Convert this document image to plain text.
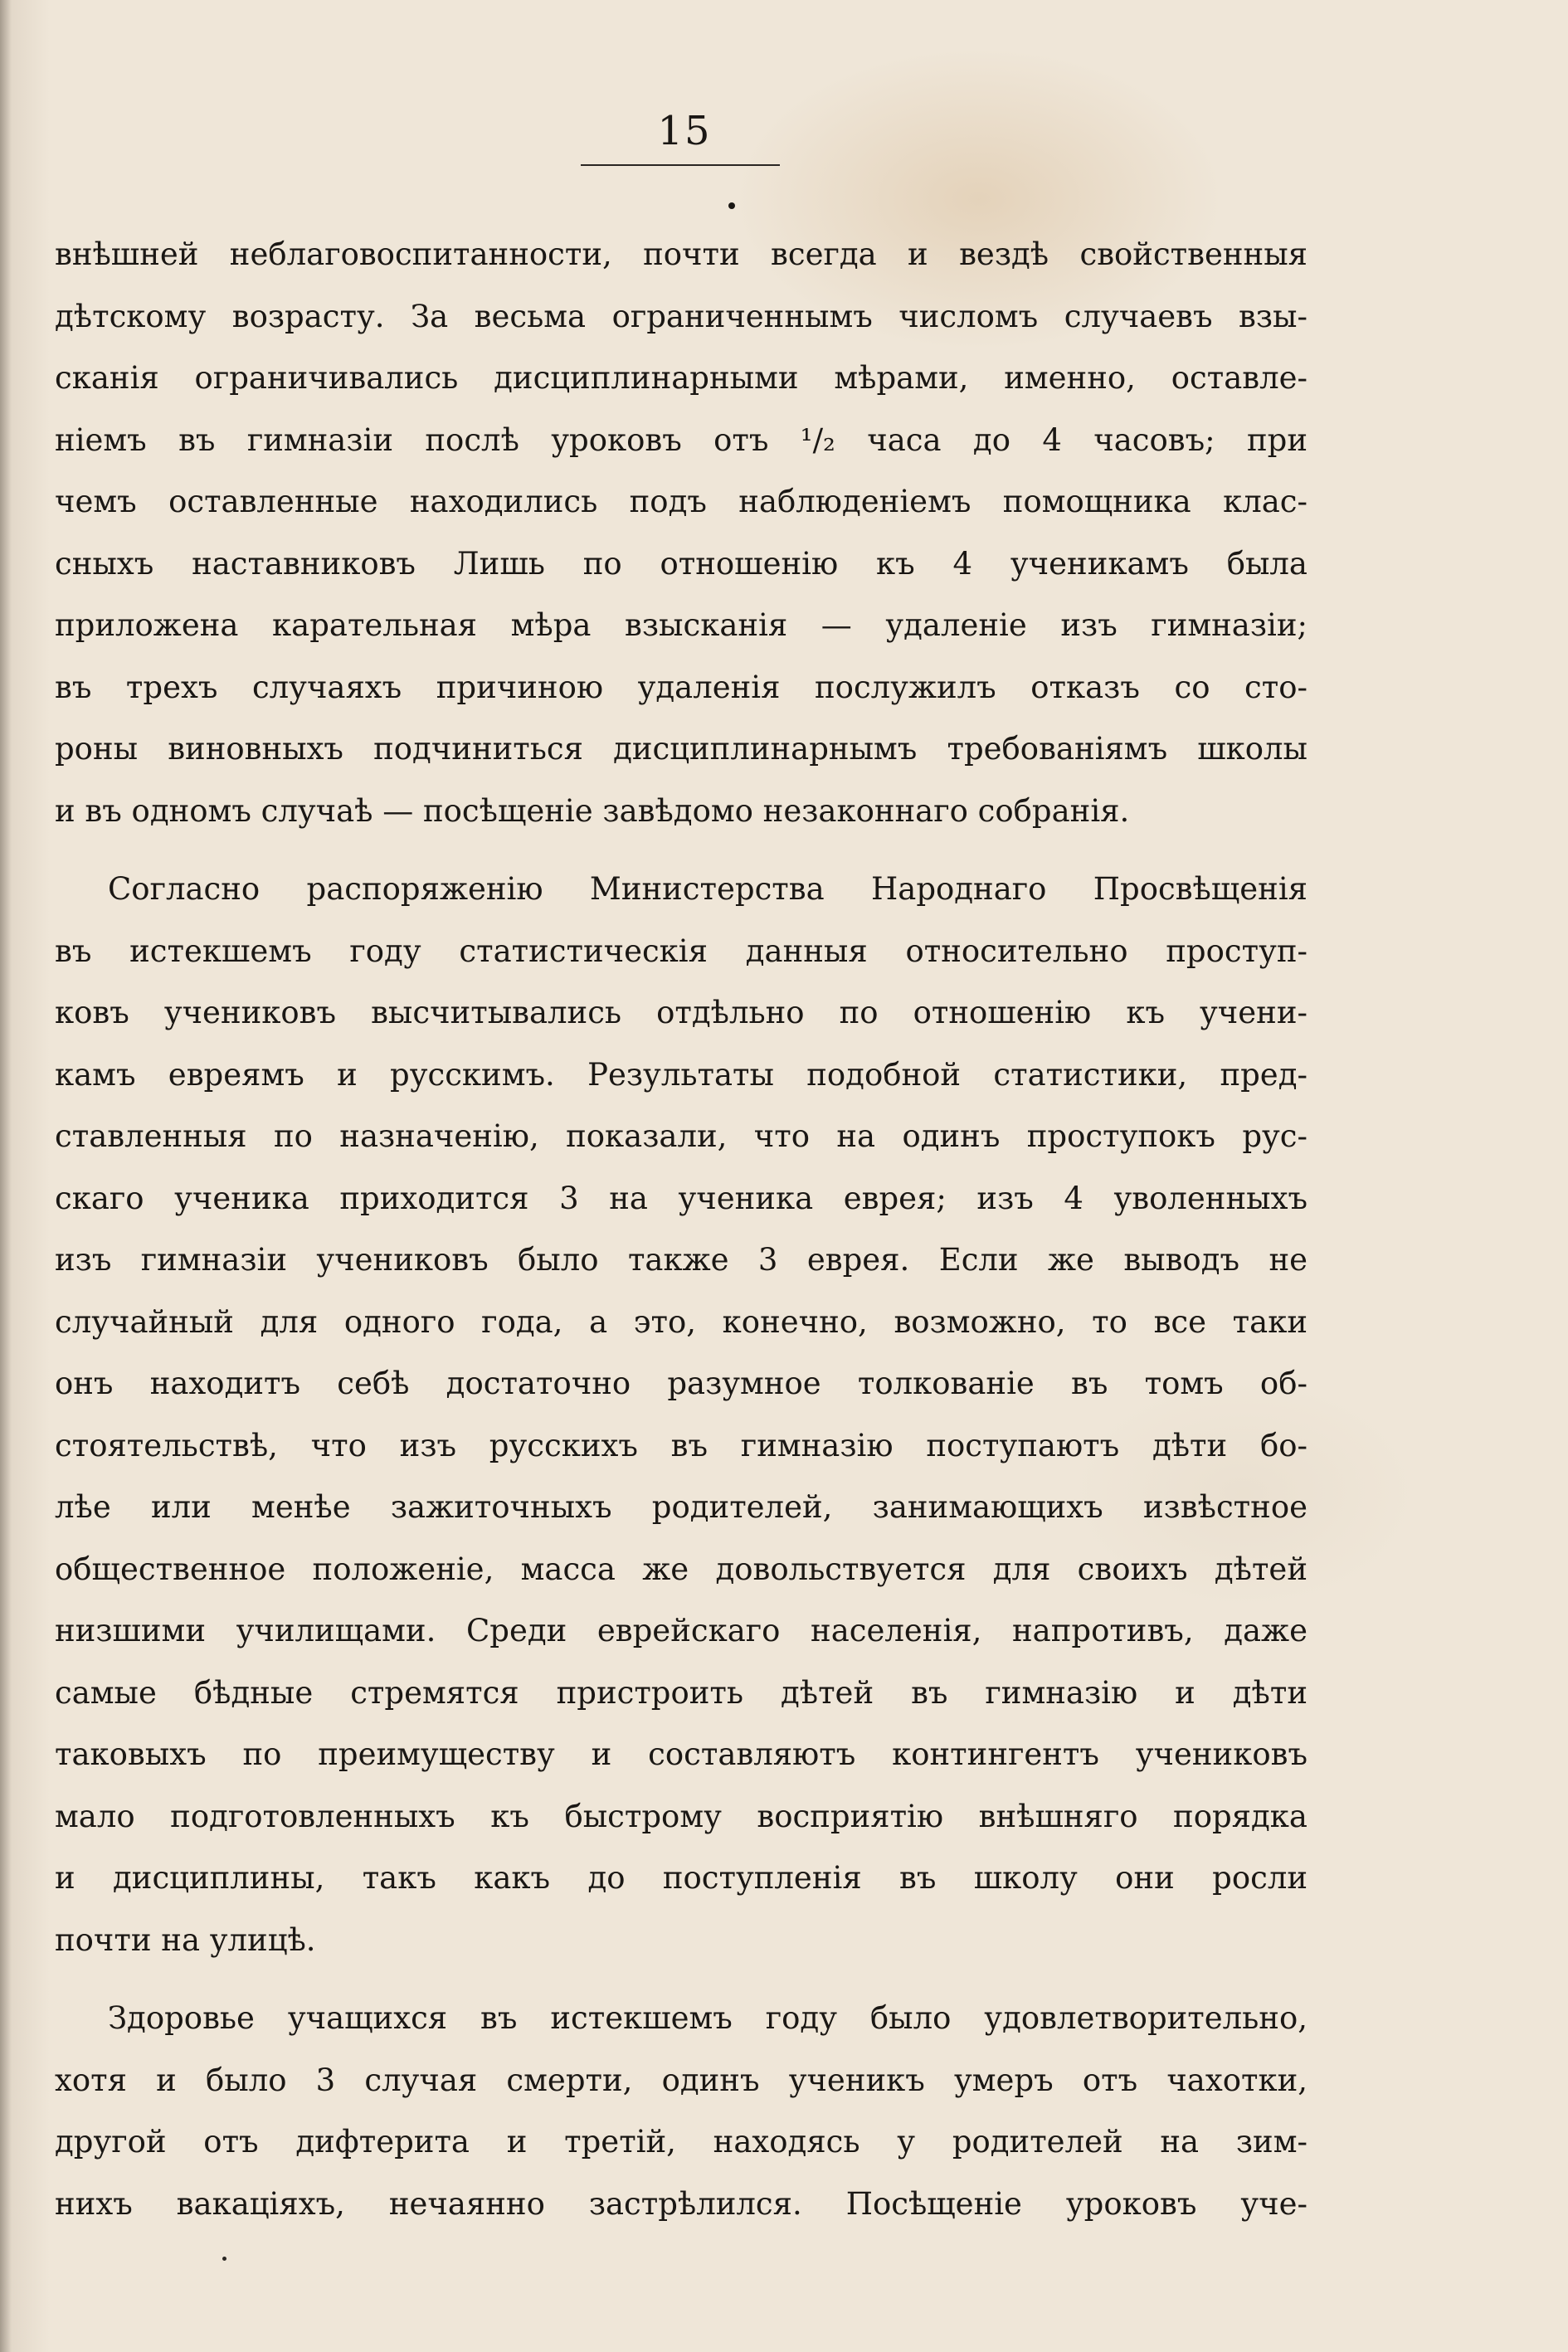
15
внѣшней неблаговоспитанности, почти всегда и вездѣ свойственныя
дѣтскому возрасту. За весьма ограниченнымъ числомъ случаевъ взы-
сканія ограничивались дисциплинарными мѣрами, именно, оставле-
ніемъ въ гимназіи послѣ уроковъ отъ ¹/₂ часа до 4 часовъ; при
чемъ оставленные находились подъ наблюденіемъ помощника клас-
сныхъ наставниковъ Лишь по отношенію къ 4 ученикамъ была
приложена карательная мѣра взысканія — удаленіе изъ гимназіи;
въ трехъ случаяхъ причиною удаленія послужилъ отказъ со сто-
роны виновныхъ подчиниться дисциплинарнымъ требованіямъ школы
и въ одномъ случаѣ — посѣщеніе завѣдомо незаконнаго собранія.
Согласно распоряженію Министерства Народнаго Просвѣщенія
въ истекшемъ году статистическія данныя относительно проступ-
ковъ учениковъ высчитывались отдѣльно по отношенію къ учени-
камъ евреямъ и русскимъ. Результаты подобной статистики, пред-
ставленныя по назначенію, показали, что на одинъ проступокъ рус-
скаго ученика приходится 3 на ученика еврея; изъ 4 уволенныхъ
изъ гимназіи учениковъ было также 3 еврея. Если же выводъ не
случайный для одного года, а это, конечно, возможно, то все таки
онъ находитъ себѣ достаточно разумное толкованіе въ томъ об-
стоятельствѣ, что изъ русскихъ въ гимназію поступаютъ дѣти бо-
лѣе или менѣе зажиточныхъ родителей, занимающихъ извѣстное
общественное положеніе, масса же довольствуется для своихъ дѣтей
низшими училищами. Среди еврейскаго населенія, напротивъ, даже
самые бѣдные стремятся пристроить дѣтей въ гимназію и дѣти
таковыхъ по преимуществу и составляютъ контингентъ учениковъ
мало подготовленныхъ къ быстрому восприятію внѣшняго порядка
и дисциплины, такъ какъ до поступленія въ школу они росли
почти на улицѣ.
Здоровье учащихся въ истекшемъ году было удовлетворительно,
хотя и было 3 случая смерти, одинъ ученикъ умеръ отъ чахотки,
другой отъ дифтерита и третій, находясь у родителей на зим-
нихъ вакаціяхъ, нечаянно застрѣлился. Посѣщеніе уроковъ уче-
